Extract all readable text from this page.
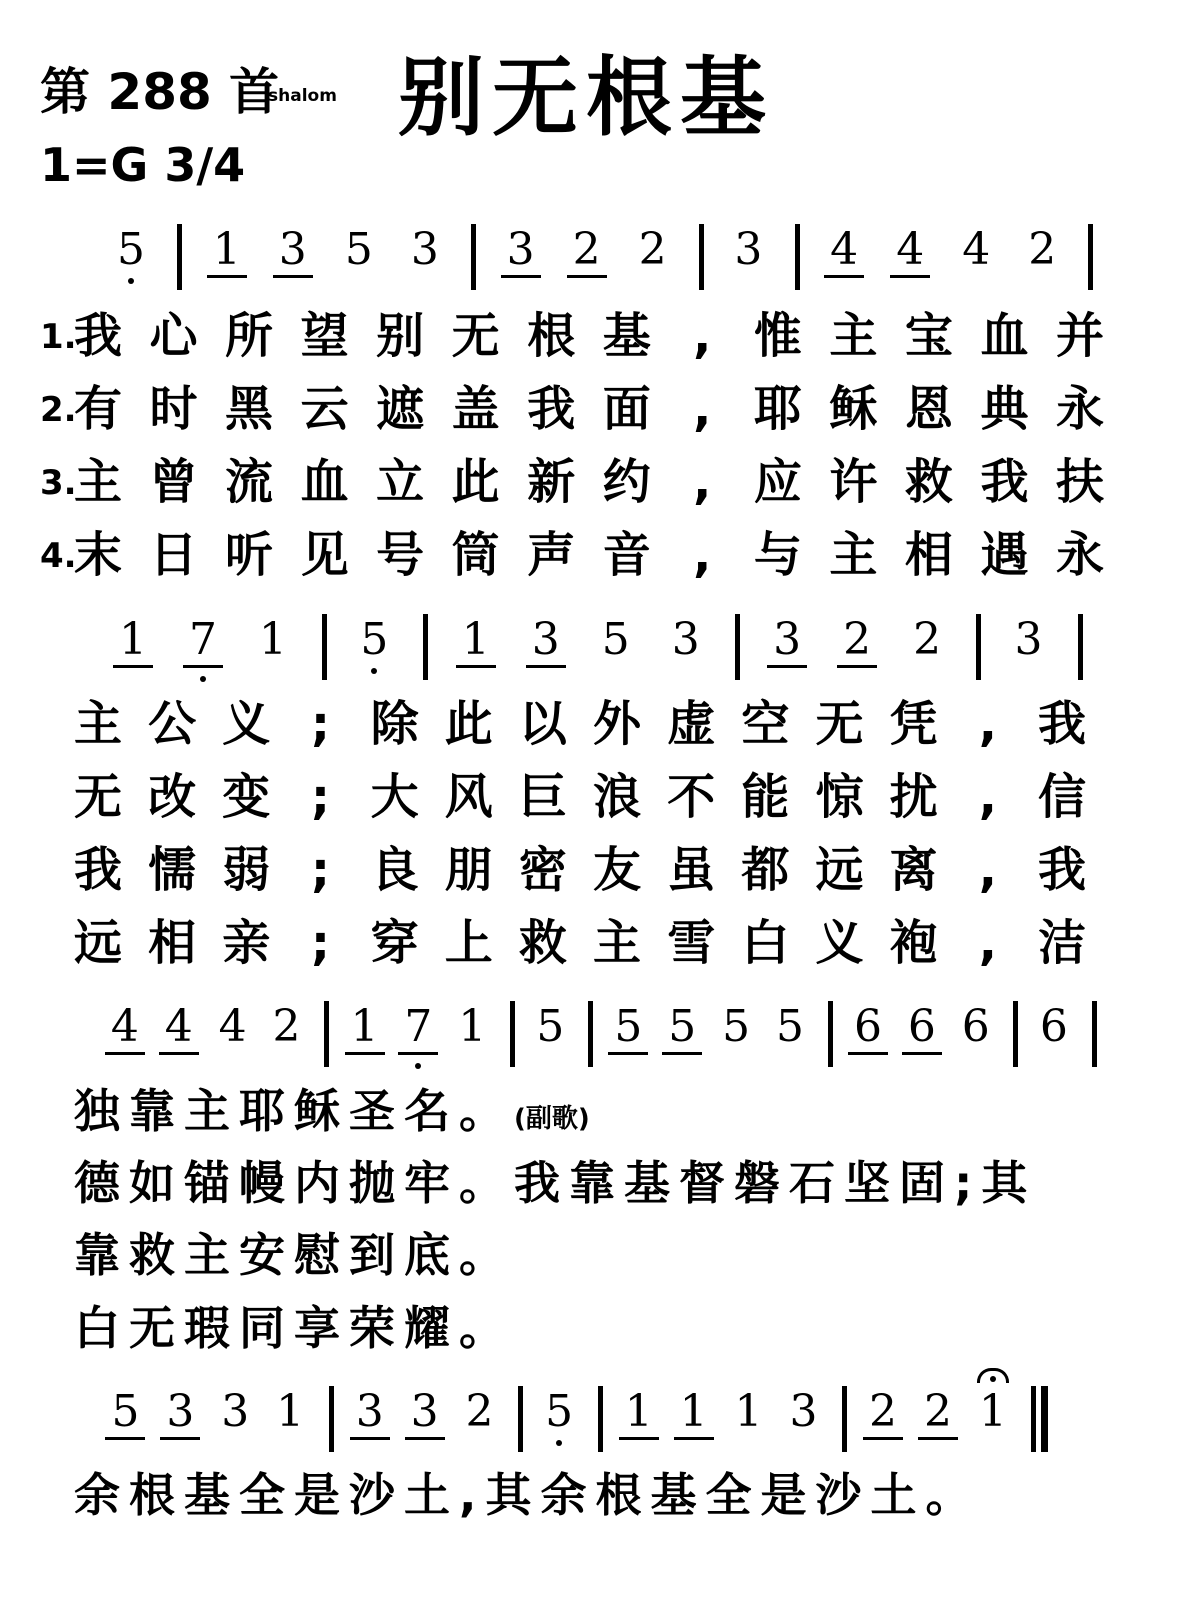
第 288 首
shalom 别无根基
1=G 3/4
5 1 3 5 3 3 2 2 3 4 4 4 2
1.
我 心 所 望 别 无 根 基 , 惟 主 宝 血 并
2.
有 时 黑 云 遮 盖 我 面 , 耶 稣 恩 典 永
3.
主 曾 流 血 立 此 新 约 , 应 许 救 我 扶
4.
末 日 听 见 号 筒 声 音 , 与 主 相 遇 永
1 7 1 5 1 3 5 3 3 2 2 3
主 公 义 ; 除 此 以 外 虚 空 无 凭 , 我
无 改 变 ; 大 风 巨 浪 不 能 惊 扰 , 信
我 懦 弱 ; 良 朋 密 友 虽 都 远 离 , 我
远 相 亲 ; 穿 上 救 主 雪 白 义 袍 , 洁
4 4 4 2 1 7 1 5 5 5 5 5 6 6 6 6
独靠主耶稣圣名。(副歌)
德如锚幔内抛牢。我靠基督磐石坚固;其
靠救主安慰到底。
白无瑕同享荣耀。
5 3 3 1 3 3 2 5 1 1 1 3 2 2 1
余根基全是沙土,其余根基全是沙土。
